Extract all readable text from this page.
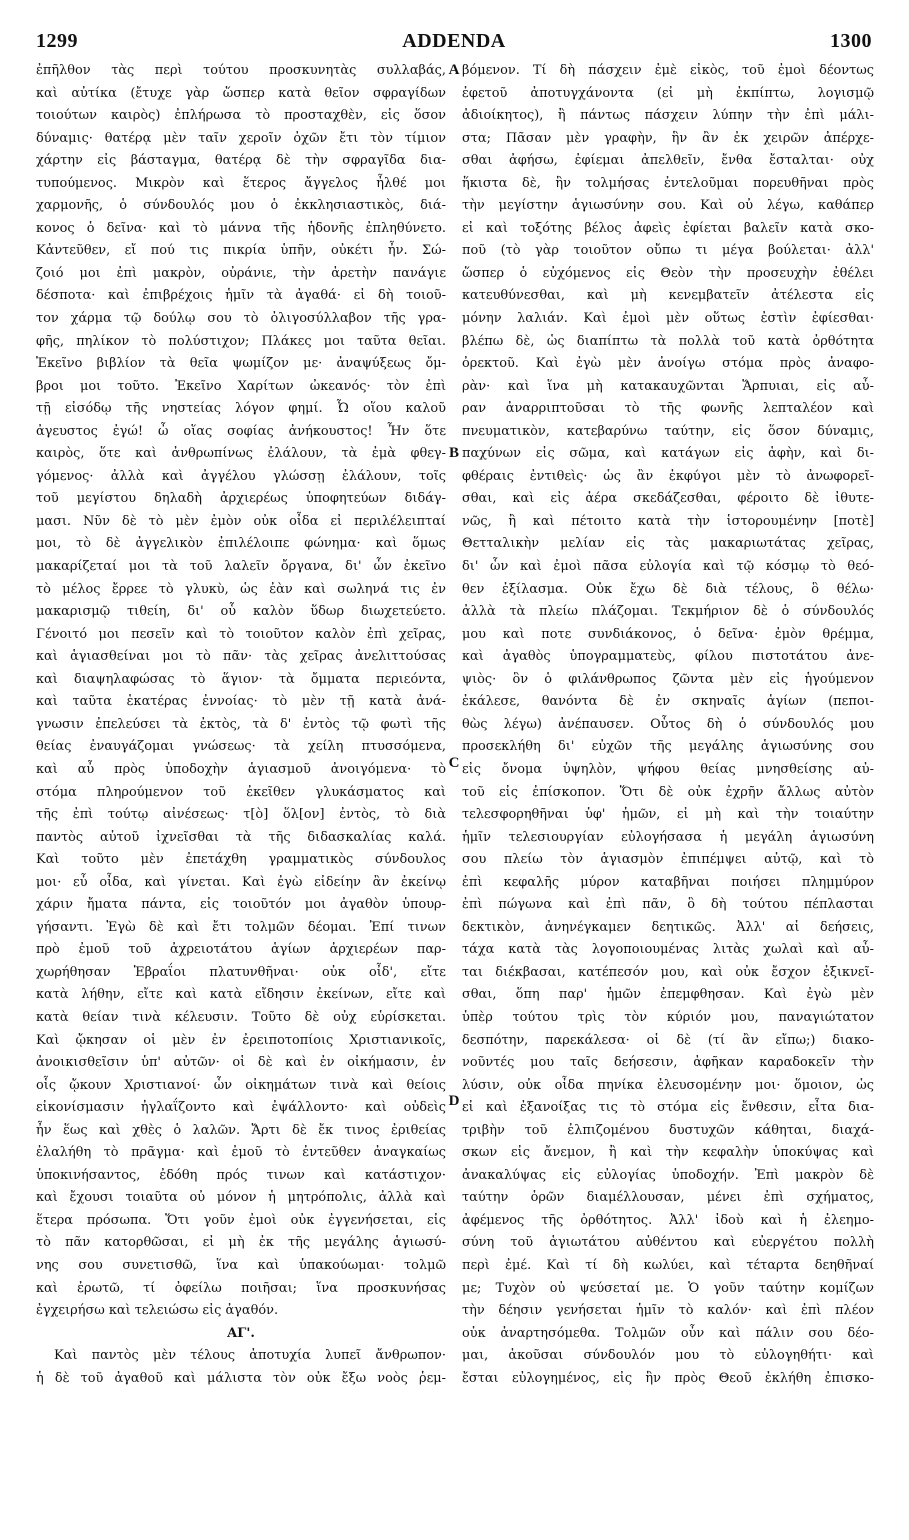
1299	ADDENDA	1300
A
B
C
D
ἐπῆλθον τὰς περὶ τούτου προσκυνητὰς συλλαβάς,
καὶ αὐτίκα (ἔτυχε γὰρ ὥσπερ κατὰ θεῖον σφραγίδων
τοιούτων καιρὸς) ἐπλήρωσα τὸ προσταχθὲν, εἰς ὅσον
δύναμις· θατέρᾳ μὲν ταῖν χεροῖν ὀχῶν ἔτι τὸν τίμιον
χάρτην εἰς βάσταγμα, θατέρᾳ δὲ τὴν σφραγῖδα δια-
τυπούμενος. Μικρὸν καὶ ἕτερος ἄγγελος ἦλθέ μοι
χαρμονῆς, ὁ σύνδουλός μου ὁ ἐκκλησιαστικὸς, διά-
κονος ὁ δεῖνα· καὶ τὸ μάννα τῆς ἡδονῆς ἐπληθύνετο.
Κἀντεῦθεν, εἴ πού τις πικρία ὑπῆν, οὐκέτι ἦν. Σώ-
ζοιό μοι ἐπὶ μακρὸν, οὐράνιε, τὴν ἀρετὴν πανάγιε
δέσποτα· καὶ ἐπιβρέχοις ἡμῖν τὰ ἀγαθά· εἰ δὴ τοιοῦ-
τον χάρμα τῷ δούλῳ σου τὸ ὀλιγοσύλλαβον τῆς γρα-
φῆς, πηλίκον τὸ πολύστιχον; Πλάκες μοι ταῦτα θεῖαι.
Ἐκεῖνο βιβλίον τὰ θεῖα ψωμίζον με· ἀναψύξεως ὄμ-
βροι μοι τοῦτο. Ἐκεῖνο Χαρίτων ὠκεανός· τὸν ἐπὶ
τῇ εἰσόδῳ τῆς νηστείας λόγον φημί. Ὦ οἵου καλοῦ
ἀγευστος ἐγώ! ὦ οἵας σοφίας ἀνήκουστος! Ἦν ὅτε
καιρὸς, ὅτε καὶ ἀνθρωπίνως ἐλάλουν, τὰ ἐμὰ φθεγ-
γόμενος· ἀλλὰ καὶ ἀγγέλου γλώσσῃ ἐλάλουν, τοῖς
τοῦ μεγίστου δηλαδὴ ἀρχιερέως ὑποφητεύων διδάγ-
μασι. Νῦν δὲ τὸ μὲν ἐμὸν οὐκ οἶδα εἰ περιλέλειπταί
μοι, τὸ δὲ ἀγγελικὸν ἐπιλέλοιπε φώνημα· καὶ ὅμως
μακαρίζεταί μοι τὰ τοῦ λαλεῖν ὄργανα, δι' ὧν ἐκεῖνο
τὸ μέλος ἔρρεε τὸ γλυκὺ, ὡς ἐὰν καὶ σωληνά τις ἐν
μακαρισμῷ τιθείη, δι' οὗ καλὸν ὕδωρ διωχετεύετο.
Γένοιτό μοι πεσεῖν καὶ τὸ τοιοῦτον καλὸν ἐπὶ χεῖρας,
καὶ ἁγιασθείναι μοι τὸ πᾶν· τὰς χεῖρας ἀνελιττούσας
καὶ διαψηλαφώσας τὸ ἅγιον· τὰ ὄμματα περιεόντα,
καὶ ταῦτα ἑκατέρας ἐννοίας· τὸ μὲν τῇ κατὰ ἀνά-
γνωσιν ἐπελεύσει τὰ ἐκτὸς, τὰ δ' ἐντὸς τῷ φωτὶ τῆς
θείας ἐναυγάζομαι γνώσεως· τὰ χείλη πτυσσόμενα,
καὶ αὖ πρὸς ὑποδοχὴν ἁγιασμοῦ ἀνοιγόμενα· τὸ
στόμα πληρούμενον τοῦ ἐκεῖθεν γλυκάσματος καὶ
τῆς ἐπὶ τούτῳ αἰνέσεως· τ[ὸ] ὅλ[ον] ἐντὸς, τὸ διὰ
παντὸς αὐτοῦ ἰχνεῖσθαι τὰ τῆς διδασκαλίας καλά.
Καὶ τοῦτο μὲν ἐπετάχθη γραμματικὸς σύνδουλος
μοι· εὖ οἶδα, καὶ γίνεται. Καὶ ἐγὼ εἰδείην ἂν ἐκείνῳ
χάριν ἤματα πάντα, εἰς τοιοῦτόν μοι ἀγαθὸν ὑπουρ-
γήσαντι. Ἐγὼ δὲ καὶ ἔτι τολμῶν δέομαι. Ἐπί τινων
πρὸ ἐμοῦ τοῦ ἀχρειοτάτου ἁγίων ἀρχιερέων παρ-
χωρήθησαν Ἑβραΐοι πλατυνθῆναι· οὐκ οἶδ', εἴτε
κατὰ λήθην, εἴτε καὶ κατὰ εἴδησιν ἐκείνων, εἴτε καὶ
κατὰ θείαν τινὰ κέλευσιν. Τοῦτο δὲ οὐχ εὑρίσκεται.
Καὶ ᾤκησαν οἱ μὲν ἐν ἐρειποτοπίοις Χριστιανικοῖς,
ἀνοικισθεῖσιν ὑπ' αὐτῶν· οἱ δὲ καὶ ἐν οἰκήμασιν, ἐν
οἷς ᾤκουν Χριστιανοί· ὧν οἰκημάτων τινὰ καὶ θείοις
εἰκονίσμασιν ἠγλαΐζοντο καὶ ἐψάλλοντο· καὶ οὐδεὶς
ἦν ἕως καὶ χθὲς ὁ λαλῶν. Ἄρτι δὲ ἔκ τινος ἐριθείας
ἐλαλήθη τὸ πρᾶγμα· καὶ ἐμοῦ τὸ ἐντεῦθεν ἀναγκαίως
ὑποκινήσαντος, ἐδόθη πρός τινων καὶ κατάστιχον·
καὶ ἔχουσι τοιαῦτα οὐ μόνον ἡ μητρόπολις, ἀλλὰ καὶ
ἕτερα πρόσωπα. Ὅτι γοῦν ἐμοὶ οὐκ ἐγγενήσεται, εἰς
τὸ πᾶν κατορθῶσαι, εἰ μὴ ἐκ τῆς μεγάλης ἁγιωσύ-
νης σου συνετισθῶ, ἵνα καὶ ὑπακούωμαι· τολμῶ
καὶ ἐρωτῶ, τί ὀφείλω ποιῆσαι; ἵνα προσκυνήσας
ἐγχειρήσω καὶ τελειώσω εἰς ἀγαθόν.
ΑΓ'.
Καὶ παντὸς μὲν τέλους ἀποτυχία λυπεῖ ἄνθρωπον·
ἡ δὲ τοῦ ἀγαθοῦ καὶ μάλιστα τὸν οὐκ ἔξω νοὸς ῥεμ-
βόμενον. Τί δὴ πάσχειν ἐμὲ εἰκὸς, τοῦ ἐμοὶ δέοντως
ἐφετοῦ ἀποτυγχάνοντα (εἰ μὴ ἐκπίπτω, λογισμῷ
ἀδιοίκητος), ἢ πάντως πάσχειν λύπην τὴν ἐπὶ μάλι-
στα; Πᾶσαν μὲν γραφὴν, ἣν ἂν ἐκ χειρῶν ἀπέρχε-
σθαι ἀφήσω, ἐφίεμαι ἀπελθεῖν, ἔνθα ἔσταλται· οὐχ
ἥκιστα δὲ, ἣν τολμήσας ἐντελοῦμαι πορευθῆναι πρὸς
τὴν μεγίστην ἁγιωσύνην σου. Καὶ οὐ λέγω, καθάπερ
εἰ καὶ τοξότης βέλος ἀφεὶς ἐφίεται βαλεῖν κατὰ σκο-
ποῦ (τὸ γὰρ τοιοῦτον οὔπω τι μέγα βούλεται· ἀλλ'
ὥσπερ ὁ εὐχόμενος εἰς Θεὸν τὴν προσευχὴν ἐθέλει
κατευθύνεσθαι, καὶ μὴ κενεμβατεῖν ἀτέλεστα εἰς
μόνην λαλιάν. Καὶ ἐμοὶ μὲν οὕτως ἐστὶν ἐφίεσθαι·
βλέπω δὲ, ὡς διαπίπτω τὰ πολλὰ τοῦ κατὰ ὀρθότητα
ὀρεκτοῦ. Καὶ ἐγὼ μὲν ἀνοίγω στόμα πρὸς ἀναφο-
ρὰν· καὶ ἵνα μὴ κατακαυχῶνται Ἅρπυιαι, εἰς αὖ-
ραν ἀναρριπτοῦσαι τὸ τῆς φωνῆς λεπταλέον καὶ
πνευματικὸν, κατεβαρύνω ταύτην, εἰς ὅσον δύναμις,
παχύνων εἰς σῶμα, καὶ κατάγων εἰς ἁφὴν, καὶ δι-
φθέραις ἐντιθεὶς· ὡς ἂν ἐκφύγοι μὲν τὸ ἀνωφορεῖ-
σθαι, καὶ εἰς ἀέρα σκεδάζεσθαι, φέροιτο δὲ ἰθυτε-
νῶς, ἢ καὶ πέτοιτο κατὰ τὴν ἱστορουμένην [ποτὲ]
Θετταλικὴν μελίαν εἰς τὰς μακαριωτάτας χεῖρας,
δι' ὧν καὶ ἐμοὶ πᾶσα εὐλογία καὶ τῷ κόσμῳ τὸ θεό-
θεν ἐξίλασμα. Οὐκ ἔχω δὲ διὰ τέλους, ὃ θέλω·
ἀλλὰ τὰ πλείω πλάζομαι. Τεκμήριον δὲ ὁ σύνδουλός
μου καὶ ποτε συνδιάκονος, ὁ δεῖνα· ἐμὸν θρέμμα,
καὶ ἀγαθὸς ὑπογραμματεὺς, φίλου πιστοτάτου ἀνε-
ψιὸς· ὃν ὁ φιλάνθρωπος ζῶντα μὲν εἰς ἡγούμενον
ἐκάλεσε, θανόντα δὲ ἐν σκηναῖς ἁγίων (πεποι-
θὼς λέγω) ἀνέπαυσεν. Οὗτος δὴ ὁ σύνδουλός μου
προσεκλήθη δι' εὐχῶν τῆς μεγάλης ἁγιωσύνης σου
εἰς ὄνομα ὑψηλὸν, ψήφου θείας μνησθείσης αὐ-
τοῦ εἰς ἐπίσκοπον. Ὅτι δὲ οὐκ ἐχρῆν ἄλλως αὐτὸν
τελεσφορηθῆναι ὑφ' ἡμῶν, εἰ μὴ καὶ τὴν τοιαύτην
ἡμῖν τελεσιουργίαν εὐλογήσασα ἡ μεγάλη ἁγιωσύνη
σου πλείω τὸν ἁγιασμὸν ἐπιπέμψει αὐτῷ, καὶ τὸ
ἐπὶ κεφαλῆς μύρον καταβῆναι ποιήσει πλημμύρον
ἐπὶ πώγωνα καὶ ἐπὶ πᾶν, ὃ δὴ τούτου πέπλασται
δεκτικὸν, ἀνηνέγκαμεν δεητικῶς. Ἀλλ' αἱ δεήσεις,
τάχα κατὰ τὰς λογοποιουμένας λιτὰς χωλαὶ καὶ αὖ-
ται διέκβασαι, κατέπεσόν μου, καὶ οὐκ ἔσχον ἐξικνεῖ-
σθαι, ὅπη παρ' ἡμῶν ἐπεμφθησαν. Καὶ ἐγὼ μὲν
ὑπὲρ τούτου τρὶς τὸν κύριόν μου, παναγιώτατον
δεσπότην, παρεκάλεσα· οἱ δὲ (τί ἂν εἴπω;) διακο-
νοῦντές μου ταῖς δεήσεσιν, ἀφῆκαν καραδοκεῖν τὴν
λύσιν, οὐκ οἶδα πηνίκα ἐλευσομένην μοι· ὅμοιον, ὡς
εἰ καὶ ἐξανοίξας τις τὸ στόμα εἰς ἔνθεσιν, εἶτα δια-
τριβὴν τοῦ ἐλπιζομένου δυστυχῶν κάθηται, διαχά-
σκων εἰς ἄνεμον, ἢ καὶ τὴν κεφαλὴν ὑποκύψας καὶ
ἀνακαλύψας εἰς εὐλογίας ὑποδοχήν. Ἐπὶ μακρὸν δὲ
ταύτην ὁρῶν διαμέλλουσαν, μένει ἐπὶ σχήματος,
ἀφέμενος τῆς ὀρθότητος. Ἀλλ' ἰδοὺ καὶ ἡ ἐλεημο-
σύνη τοῦ ἁγιωτάτου αὐθέντου καὶ εὐεργέτου πολλὴ
περὶ ἐμέ. Καὶ τί δὴ κωλύει, καὶ τέταρτα δεηθῆναί
με; Τυχὸν οὐ ψεύσεταί με. Ὁ γοῦν ταύτην κομίζων
τὴν δέησιν γενήσεται ἡμῖν τὸ καλόν· καὶ ἐπὶ πλέον
οὐκ ἀναρτησόμεθα. Τολμῶν οὖν καὶ πάλιν σου δέο-
μαι, ἀκοῦσαι σύνδουλόν μου τὸ εὐλογηθήτι· καὶ
ἔσται εὐλογημένος, εἰς ἣν πρὸς Θεοῦ ἐκλήθη ἐπισκο-
